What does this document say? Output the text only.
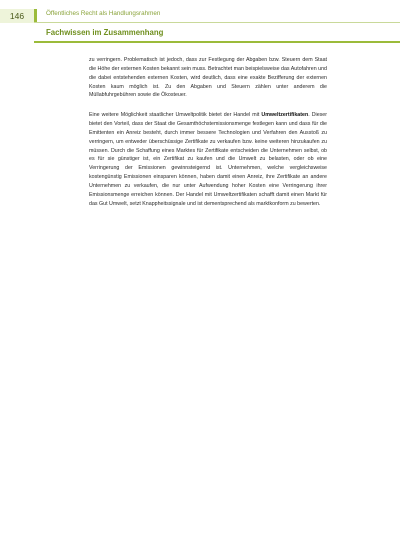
146	Öffentliches Recht als Handlungsrahmen
Fachwissen im Zusammenhang

zu verringern. Problematisch ist jedoch, dass zur Festlegung der Abgaben bzw. Steuern dem Staat die Höhe der externen Kosten bekannt sein muss. Betrachtet man beispielsweise das Autofahren und die dabei entstehenden externen Kosten, wird deutlich, dass eine exakte Bezifferung der externen Kosten kaum möglich ist. Zu den Abgaben und Steuern zählen unter anderem die Müllabfuhrgebühren sowie die Ökosteuer.

Eine weitere Möglichkeit staatlicher Umweltpolitik bietet der Handel mit Umweltzertifikaten. Dieser bietet den Vorteil, dass der Staat die Gesamthöchstemissionsmenge festlegen kann und dass für die Emittenten ein Anreiz besteht, durch immer bessere Technologien und Verfahren den Ausstoß zu verringern, um entweder überschüssige Zertifikate zu verkaufen bzw. keine weiteren hinzukaufen zu müssen. Durch die Schaffung eines Marktes für Zertifikate entscheiden die Unternehmen selbst, ob es für sie günstiger ist, ein Zertifikat zu kaufen und die Umwelt zu belasten, oder ob eine Verringerung der Emissionen gewinnsteigernd ist. Unternehmen, welche vergleichsweise kostengünstig Emissionen einsparen können, haben damit einen Anreiz, ihre Zertifikate an andere Unternehmen zu verkaufen, die nur unter Aufwendung hoher Kosten eine Verringerung ihrer Emissionsmenge erreichen können. Der Handel mit Umweltzertifikaten schafft damit einen Markt für das Gut Umwelt, setzt Knappheitssignale und ist dementsprechend als marktkonform zu bewerten.
